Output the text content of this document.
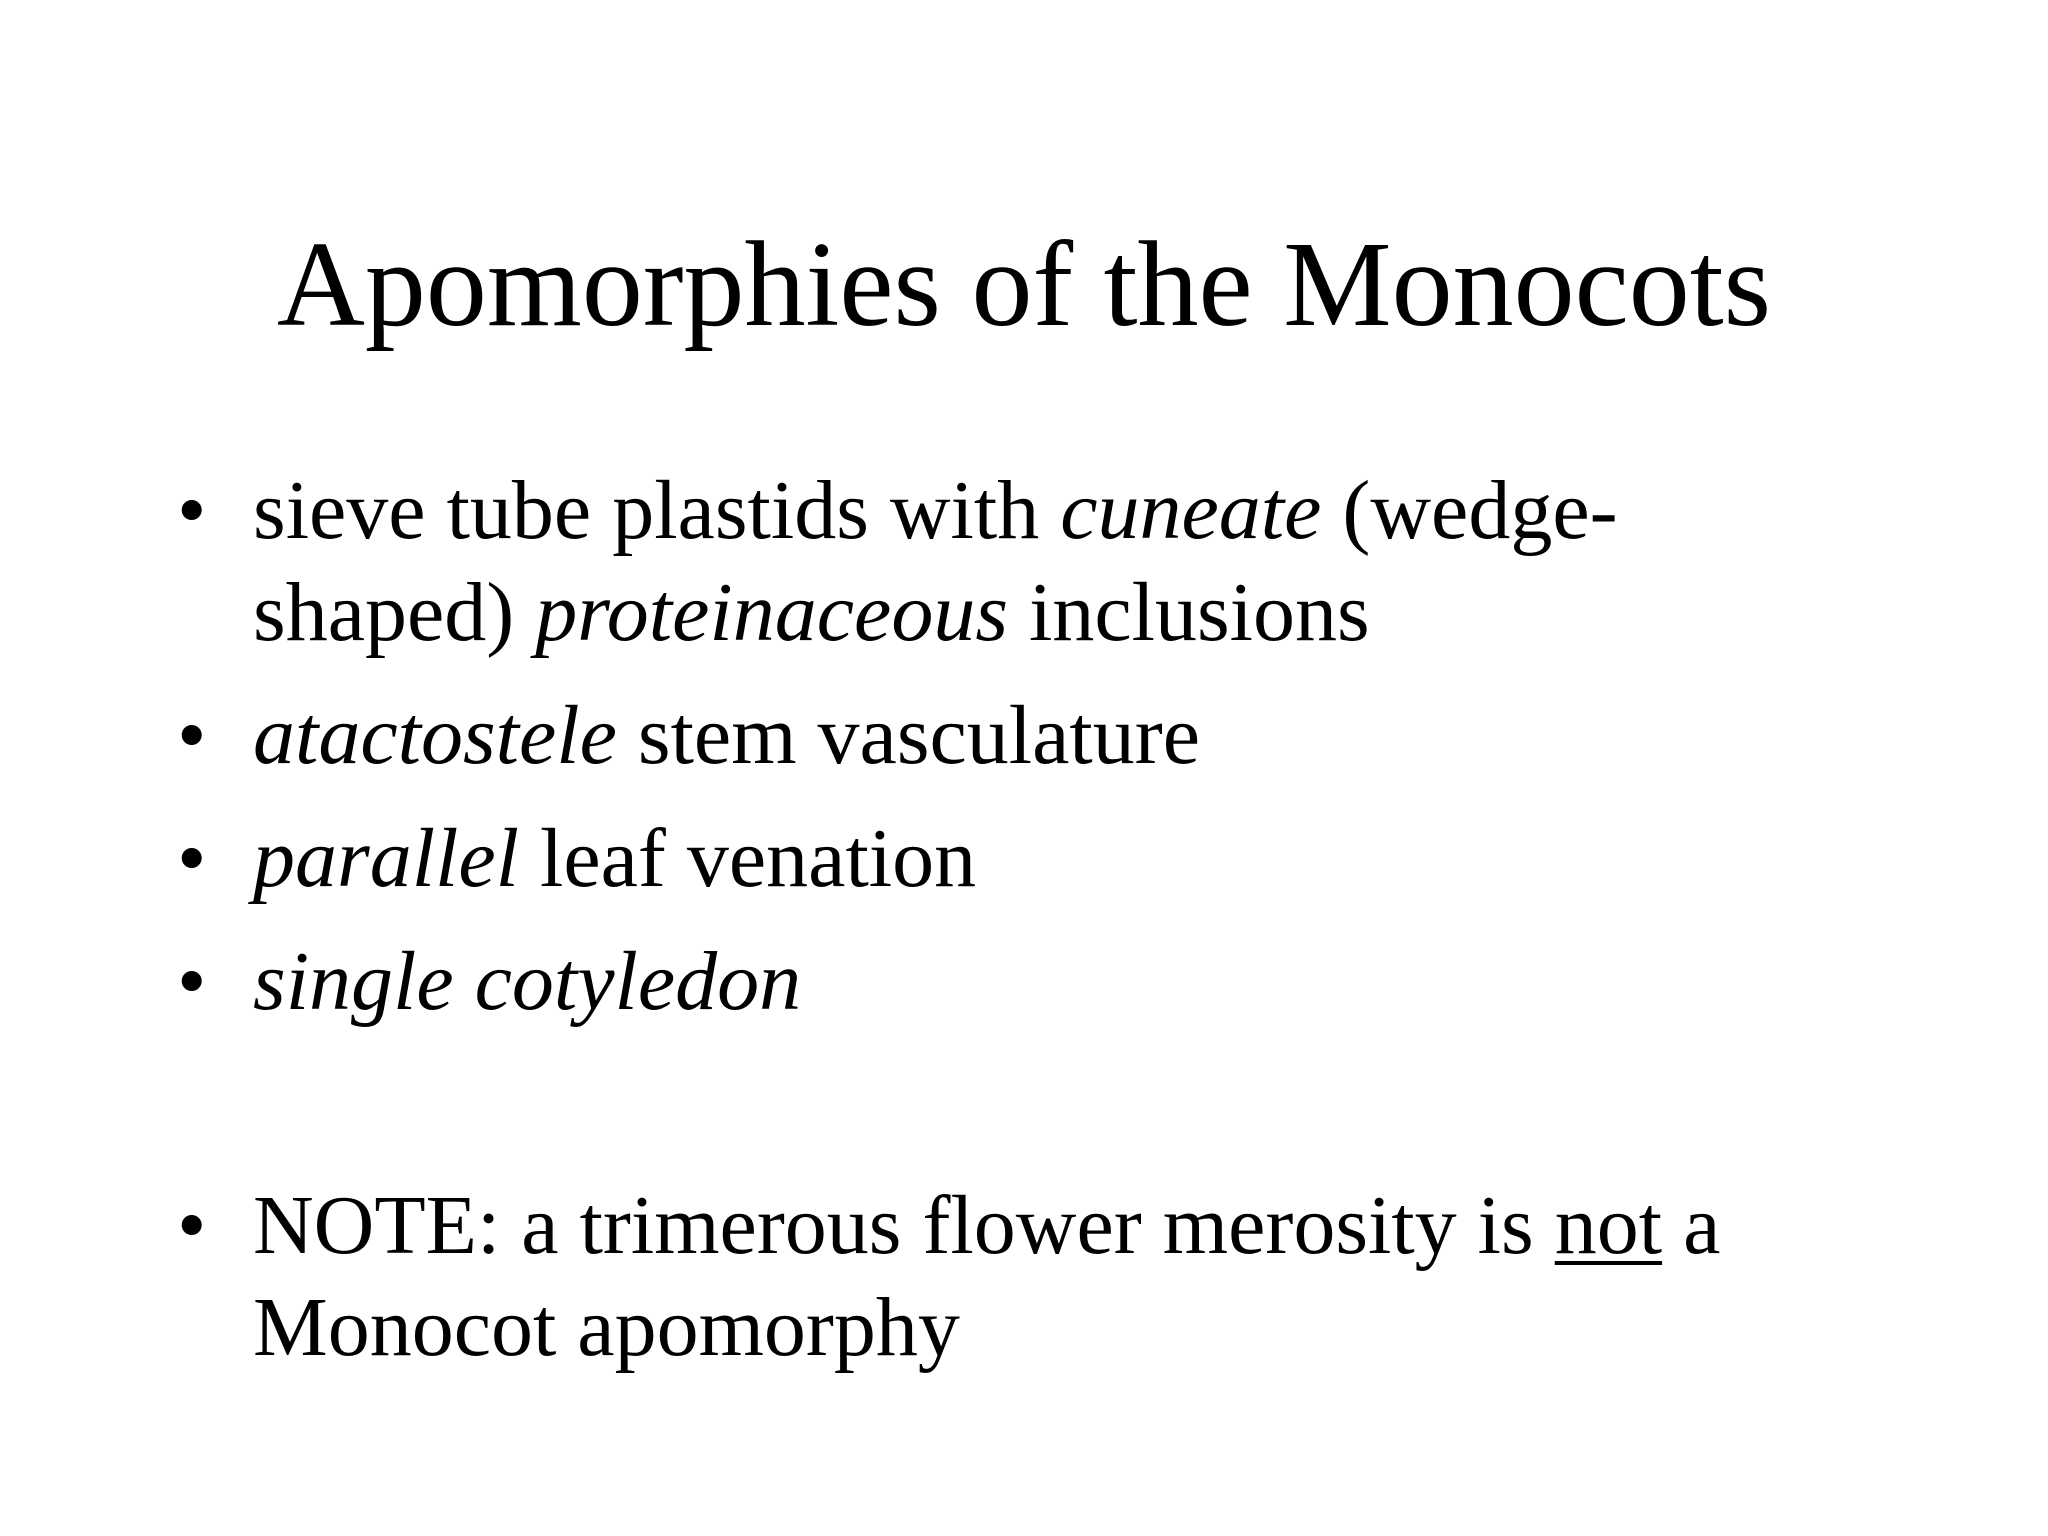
Apomorphies of the Monocots
• sieve tube plastids with cuneate (wedge-
shaped) proteinaceous inclusions
• atactostele stem vasculature
• parallel leaf venation
• single cotyledon
• NOTE: a trimerous flower merosity is not a
Monocot apomorphy
